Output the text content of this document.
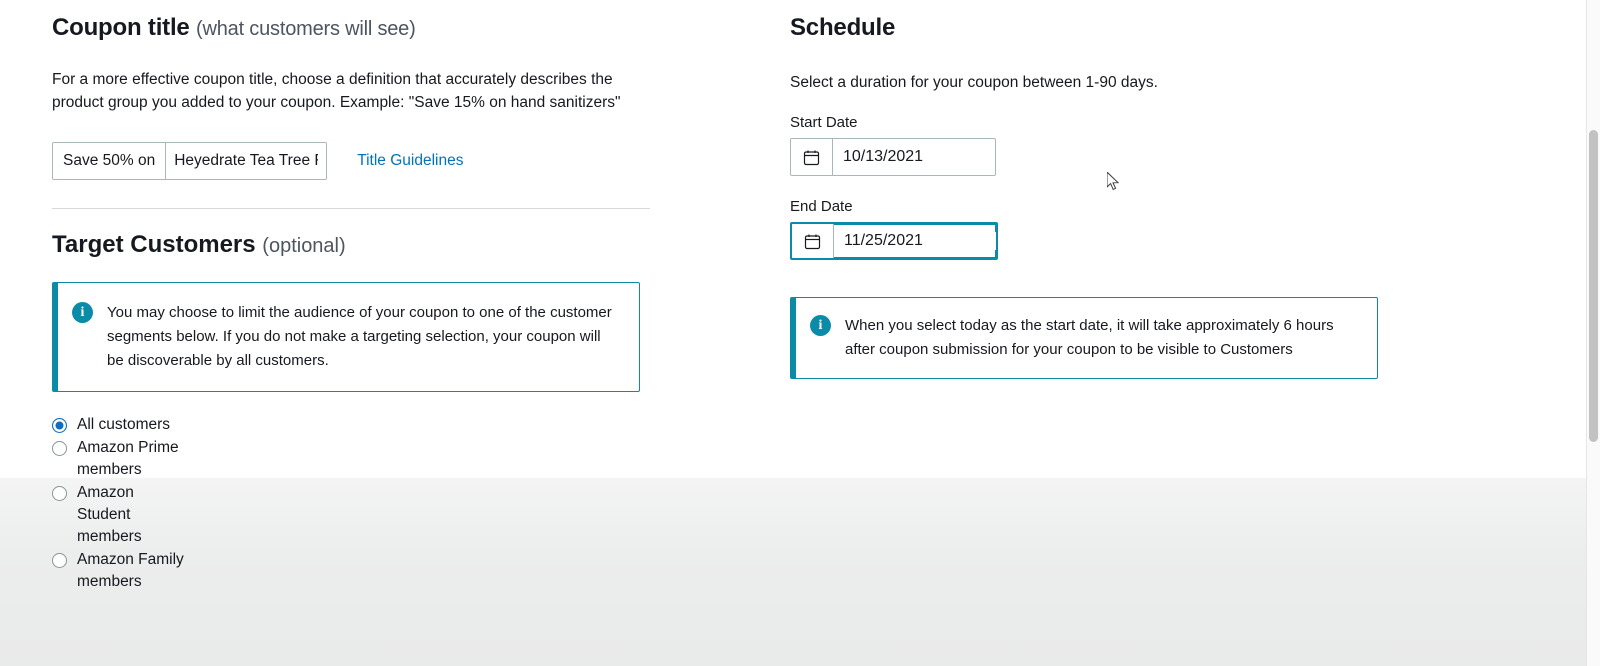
Coupon title (what customers will see)
For a more effective coupon title, choose a definition that accurately describes the product group you added to your coupon. Example: "Save 15% on hand sanitizers"
Save 50% on
Heyedrate Tea Tree F	Title Guidelines
Target Customers (optional)
i	You may choose to limit the audience of your coupon to one of the customer segments below. If you do not make a targeting selection, your coupon will be discoverable by all customers.
All customers
Amazon Prime members
Amazon Student members
Amazon Family members
Schedule
Select a duration for your coupon between 1-90 days.
Start Date
10/13/2021
End Date
11/25/2021
i	When you select today as the start date, it will take approximately 6 hours after coupon submission for your coupon to be visible to Customers
